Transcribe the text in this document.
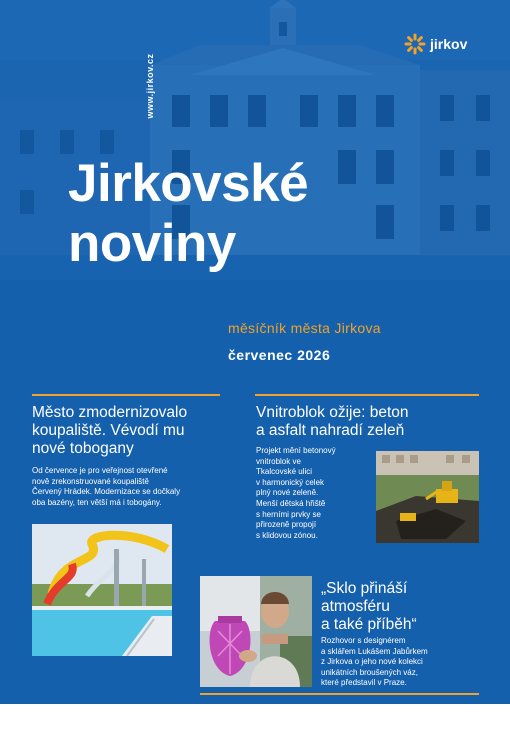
www.jirkov.cz
jirkov
Jirkovské
noviny
měsíčník města Jirkova
červenec 2026
Město zmodernizovalo
koupaliště. Vévodí mu
nové tobogany
Od července je pro veřejnost otevřené
nově zrekonstruované koupaliště
Červený Hrádek. Modernizace se dočkaly
oba bazény, ten větší má i tobogány.
Vnitroblok ožije: beton
a asfalt nahradí zeleň
Projekt mění betonový
vnitroblok ve
Tkalcovské ulici
v harmonický celek
plný nové zeleně.
Menší dětská hřiště
s herními prvky se
přirozeně propojí
s klidovou zónou.
„Sklo přináší
atmosféru
a také příběh“
Rozhovor s designérem
a sklářem Lukášem Jabůrkem
z Jirkova o jeho nové kolekci
unikátních broušených váz,
které představil v Praze.
